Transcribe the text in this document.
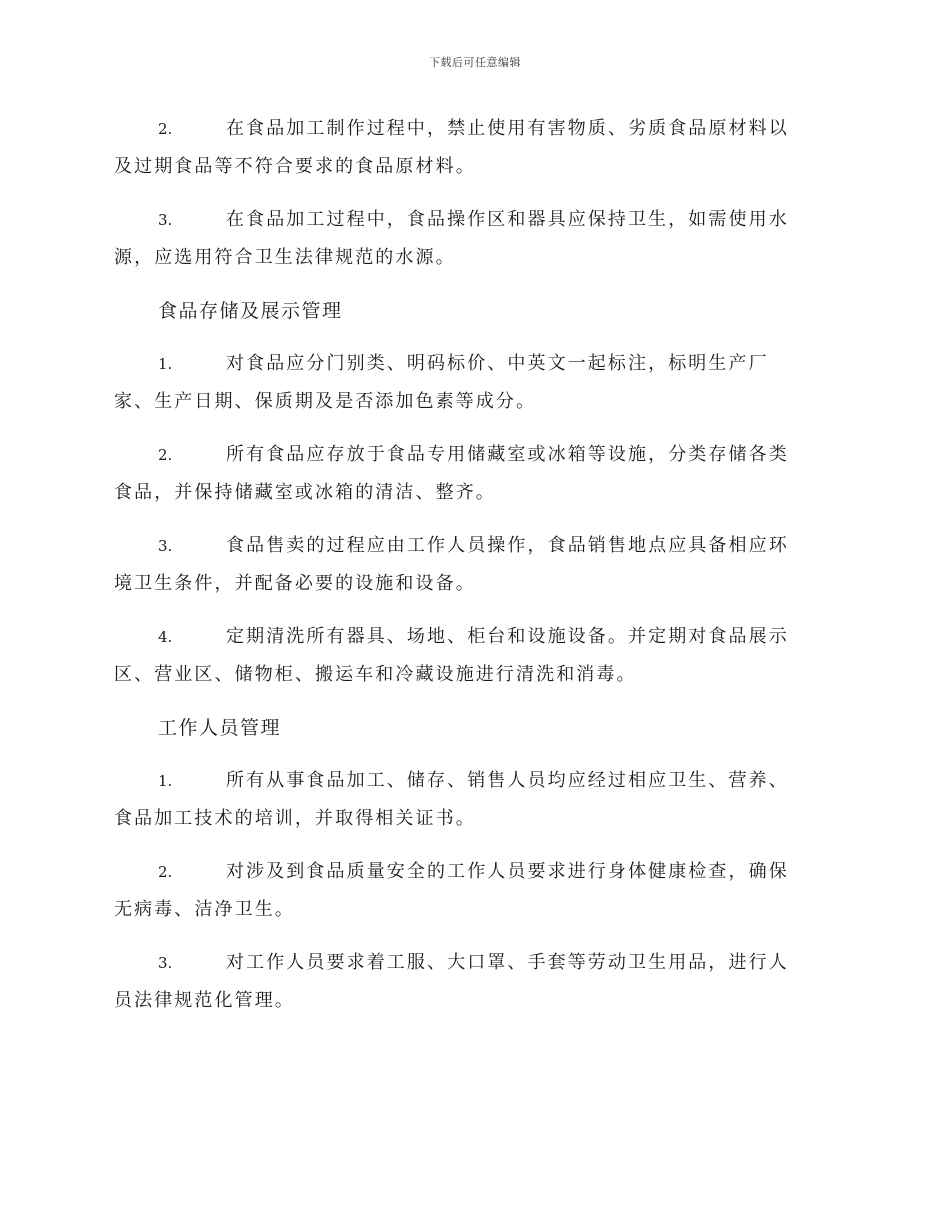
下载后可任意编辑
2.	在食品加工制作过程中，禁止使用有害物质、劣质食品原材料以
及过期食品等不符合要求的食品原材料。
3.	在食品加工过程中，食品操作区和器具应保持卫生，如需使用水
源，应选用符合卫生法律规范的水源。
食品存储及展示管理
1.	对食品应分门别类、明码标价、中英文一起标注，标明生产厂
家、生产日期、保质期及是否添加色素等成分。
2.	所有食品应存放于食品专用储藏室或冰箱等设施，分类存储各类
食品，并保持储藏室或冰箱的清洁、整齐。
3.	食品售卖的过程应由工作人员操作，食品销售地点应具备相应环
境卫生条件，并配备必要的设施和设备。
4.	定期清洗所有器具、场地、柜台和设施设备。并定期对食品展示
区、营业区、储物柜、搬运车和冷藏设施进行清洗和消毒。
工作人员管理
1.	所有从事食品加工、储存、销售人员均应经过相应卫生、营养、
食品加工技术的培训，并取得相关证书。
2.	对涉及到食品质量安全的工作人员要求进行身体健康检查，确保
无病毒、洁净卫生。
3.	对工作人员要求着工服、大口罩、手套等劳动卫生用品，进行人
员法律规范化管理。
